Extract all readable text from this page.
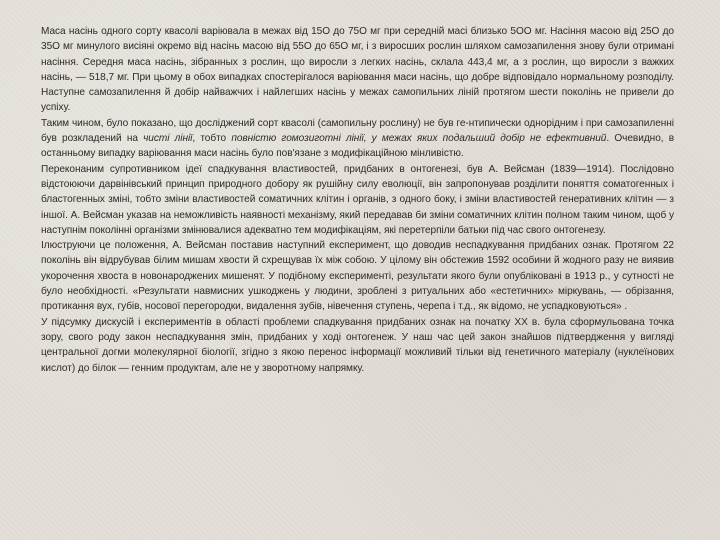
Маса насінь одного сорту квасолі варіювала в межах від 15О до 75О мг при середній масі близько 5ОО мг. Насіння масою від 25О до 35О мг минулого висіяні окремо від насінь масою від 55О до 65О мг, і з виросших рослин шляхом самозапилення знову були отримані насіння. Середня маса насінь, зібранных з рослин, що виросли з легких насінь, склала 443,4 мг, а з рослин, що виросли з важких насінь, — 518,7 мг. При цьому в обох випадках спостерігалося варіювання маси насінь, що добре відповідало нормальному розподілу. Наступне самозапилення й добір найважчих і найлегших насінь у межах самопильних ліній протягом шести поколінь не привели до успіху.

Таким чином, було показано, що досліджений сорт квасолі (самопильну рослину) не був ге-нтипически однорідним і при самозапиленні був розкладений на чисті лінії, тобто повністю гомозиготні лінії, у межах яких подальший добір не ефективний. Очевидно, в останньому випадку варіювання маси насінь було пов'язане з модифікаційною мінливістю.

Переконаним супротивником ідеї спадкування властивостей, придбаних в онтогенезі, був А. Вейсман (1839—1914). Послідовно відстоюючи дарвінівський принцип природного добору як рушійну силу еволюції, він запропонував розділити поняття соматогенных і бластогенных зміні, тобто зміни властивостей соматичних клітин і органів, з одного боку, і зміни властивостей генеративних клітин — з іншої. А. Вейсман указав на неможливість наявності механізму, який передавав би зміни соматичних клітин полном таким чином, щоб у наступнім поколінні організми змінювалися адекватно тем модифікаціям, які перетерпіли батьки під час свого онтогенезу.

Ілюструючи це положення, А. Вейсман поставив наступний експеримент, що доводив неспадкування придбаних ознак. Протягом 22 поколінь він відрубував білим мишам хвости й схрещував їх між собою. У цілому він обстежив 1592 особини й жодного разу не виявив укорочення хвоста в новонароджених мишенят. У подібному експерименті, результати якого були опубліковані в 1913 р., у сутності не було необхідності. «Результати навмисних ушкоджень у людини, зроблені з ритуальних або «естетичних» міркувань, — обрізання, протикання вух, губів, носової перегородки, видалення зубів, нівечення ступень, черепа і т.д., як відомо, не успадковуються» .

У підсумку дискусій і експериментів в області проблеми спадкування придбаних ознак на початку XX в. була сформульована точка зору, свого роду закон неспадкування змін, придбаних у ході онтогенеж. У наш час цей закон знайшов підтвердження у вигляді центральної догми молекулярної біології, згідно з якою перенос інформації можливий тільки від генетичного матеріалу (нуклеїнових кислот) до білок — генним продуктам, але не у зворотному напрямку.
